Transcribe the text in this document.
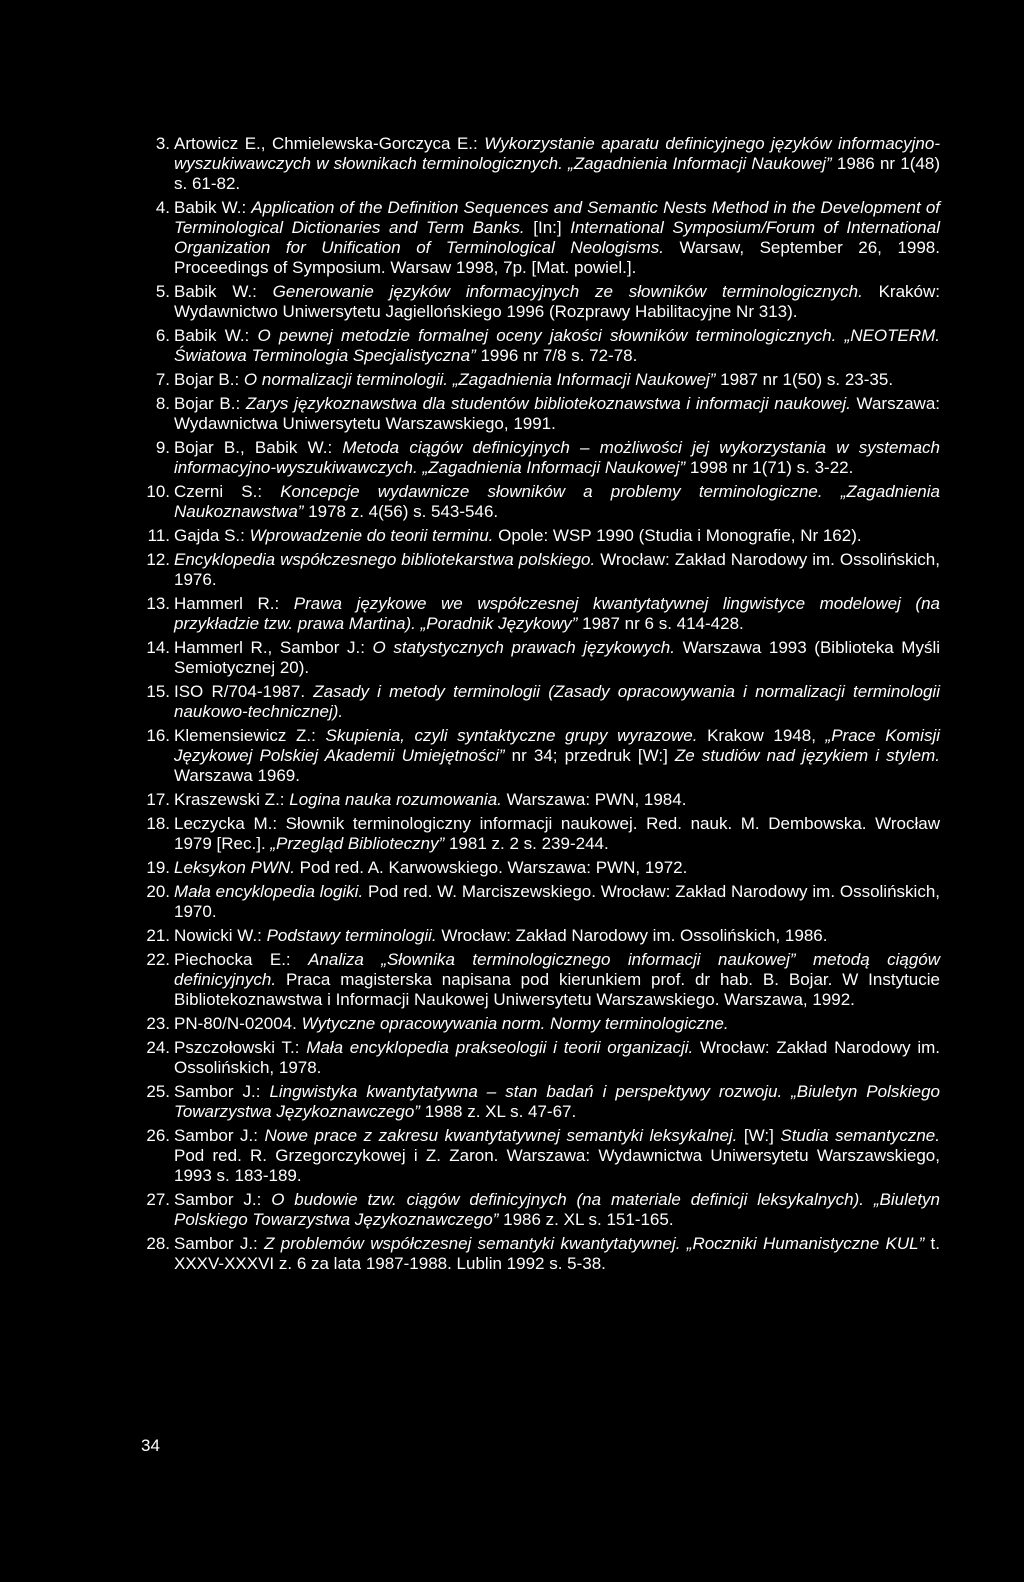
3. Artowicz E., Chmielewska-Gorczyca E.: Wykorzystanie aparatu definicyjnego języków informacyjno-wyszukiwawczych w słownikach terminologicznych. „Zagadnienia Informacji Naukowej” 1986 nr 1(48) s. 61-82.
4. Babik W.: Application of the Definition Sequences and Semantic Nests Method in the Development of Terminological Dictionaries and Term Banks. [In:] International Symposium/Forum of International Organization for Unification of Terminological Neologisms. Warsaw, September 26, 1998. Proceedings of Symposium. Warsaw 1998, 7p. [Mat. powiel.].
5. Babik W.: Generowanie języków informacyjnych ze słowników terminologicznych. Kraków: Wydawnictwo Uniwersytetu Jagiellońskiego 1996 (Rozprawy Habilitacyjne Nr 313).
6. Babik W.: O pewnej metodzie formalnej oceny jakości słowników terminologicznych. „NEOTERM. Światowa Terminologia Specjalistyczna” 1996 nr 7/8 s. 72-78.
7. Bojar B.: O normalizacji terminologii. „Zagadnienia Informacji Naukowej” 1987 nr 1(50) s. 23-35.
8. Bojar B.: Zarys językoznawstwa dla studentów bibliotekoznawstwa i informacji naukowej. Warszawa: Wydawnictwa Uniwersytetu Warszawskiego, 1991.
9. Bojar B., Babik W.: Metoda ciągów definicyjnych – możliwości jej wykorzystania w systemach informacyjno-wyszukiwawczych. „Zagadnienia Informacji Naukowej” 1998 nr 1(71) s. 3-22.
10. Czerni S.: Koncepcje wydawnicze słowników a problemy terminologiczne. „Zagadnienia Naukoznawstwa” 1978 z. 4(56) s. 543-546.
11. Gajda S.: Wprowadzenie do teorii terminu. Opole: WSP 1990 (Studia i Monografie, Nr 162).
12. Encyklopedia współczesnego bibliotekarstwa polskiego. Wrocław: Zakład Narodowy im. Ossolińskich, 1976.
13. Hammerl R.: Prawa językowe we współczesnej kwantytatywnej lingwistyce modelowej (na przykładzie tzw. prawa Martina). „Poradnik Językowy” 1987 nr 6 s. 414-428.
14. Hammerl R., Sambor J.: O statystycznych prawach językowych. Warszawa 1993 (Biblioteka Myśli Semiotycznej 20).
15. ISO R/704-1987. Zasady i metody terminologii (Zasady opracowywania i normalizacji terminologii naukowo-technicznej).
16. Klemensiewicz Z.: Skupienia, czyli syntaktyczne grupy wyrazowe. Krakow 1948, „Prace Komisji Językowej Polskiej Akademii Umiejętności” nr 34; przedruk [W:] Ze studiów nad językiem i stylem. Warszawa 1969.
17. Kraszewski Z.: Logina nauka rozumowania. Warszawa: PWN, 1984.
18. Leczycka M.: Słownik terminologiczny informacji naukowej. Red. nauk. M. Dembowska. Wrocław 1979 [Rec.]. „Przegląd Biblioteczny” 1981 z. 2 s. 239-244.
19. Leksykon PWN. Pod red. A. Karwowskiego. Warszawa: PWN, 1972.
20. Mała encyklopedia logiki. Pod red. W. Marciszewskiego. Wrocław: Zakład Narodowy im. Ossolińskich, 1970.
21. Nowicki W.: Podstawy terminologii. Wrocław: Zakład Narodowy im. Ossolińskich, 1986.
22. Piechocka E.: Analiza „Słownika terminologicznego informacji naukowej” metodą ciągów definicyjnych. Praca magisterska napisana pod kierunkiem prof. dr hab. B. Bojar. W Instytucie Bibliotekoznawstwa i Informacji Naukowej Uniwersytetu Warszawskiego. Warszawa, 1992.
23. PN-80/N-02004. Wytyczne opracowywania norm. Normy terminologiczne.
24. Pszczołowski T.: Mała encyklopedia prakseologii i teorii organizacji. Wrocław: Zakład Narodowy im. Ossolińskich, 1978.
25. Sambor J.: Lingwistyka kwantytatywna – stan badań i perspektywy rozwoju. „Biuletyn Polskiego Towarzystwa Językoznawczego” 1988 z. XL s. 47-67.
26. Sambor J.: Nowe prace z zakresu kwantytatywnej semantyki leksykalnej. [W:] Studia semantyczne. Pod red. R. Grzegorczykowej i Z. Zaron. Warszawa: Wydawnictwa Uniwersytetu Warszawskiego, 1993 s. 183-189.
27. Sambor J.: O budowie tzw. ciągów definicyjnych (na materiale definicji leksykalnych). „Biuletyn Polskiego Towarzystwa Językoznawczego” 1986 z. XL s. 151-165.
28. Sambor J.: Z problemów współczesnej semantyki kwantytatywnej. „Roczniki Humanistyczne KUL” t. XXXV-XXXVI z. 6 za lata 1987-1988. Lublin 1992 s. 5-38.
34
